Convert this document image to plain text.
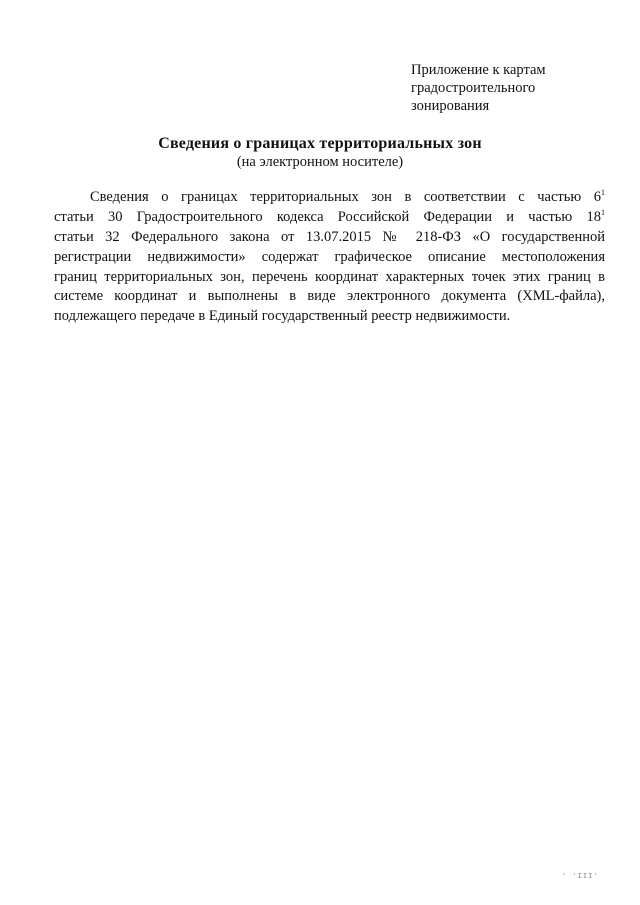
Приложение к картам
градостроительного
зонирования
Сведения о границах территориальных зон
(на электронном носителе)
Сведения о границах территориальных зон в соответствии с частью $6^1$
статьи 30 Градостроительного кодекса Российской Федерации и частью $18^1$
статьи 32 Федерального закона от 13.07.2015 № 218-ФЗ «О государственной
регистрации недвижимости» содержат графическое описание местоположения
границ территориальных зон, перечень координат характерных точек этих границ в
системе координат и выполнены в виде электронного документа (XML-файла),
подлежащего передаче в Единый государственный реестр недвижимости.
' 'ІІІ'
